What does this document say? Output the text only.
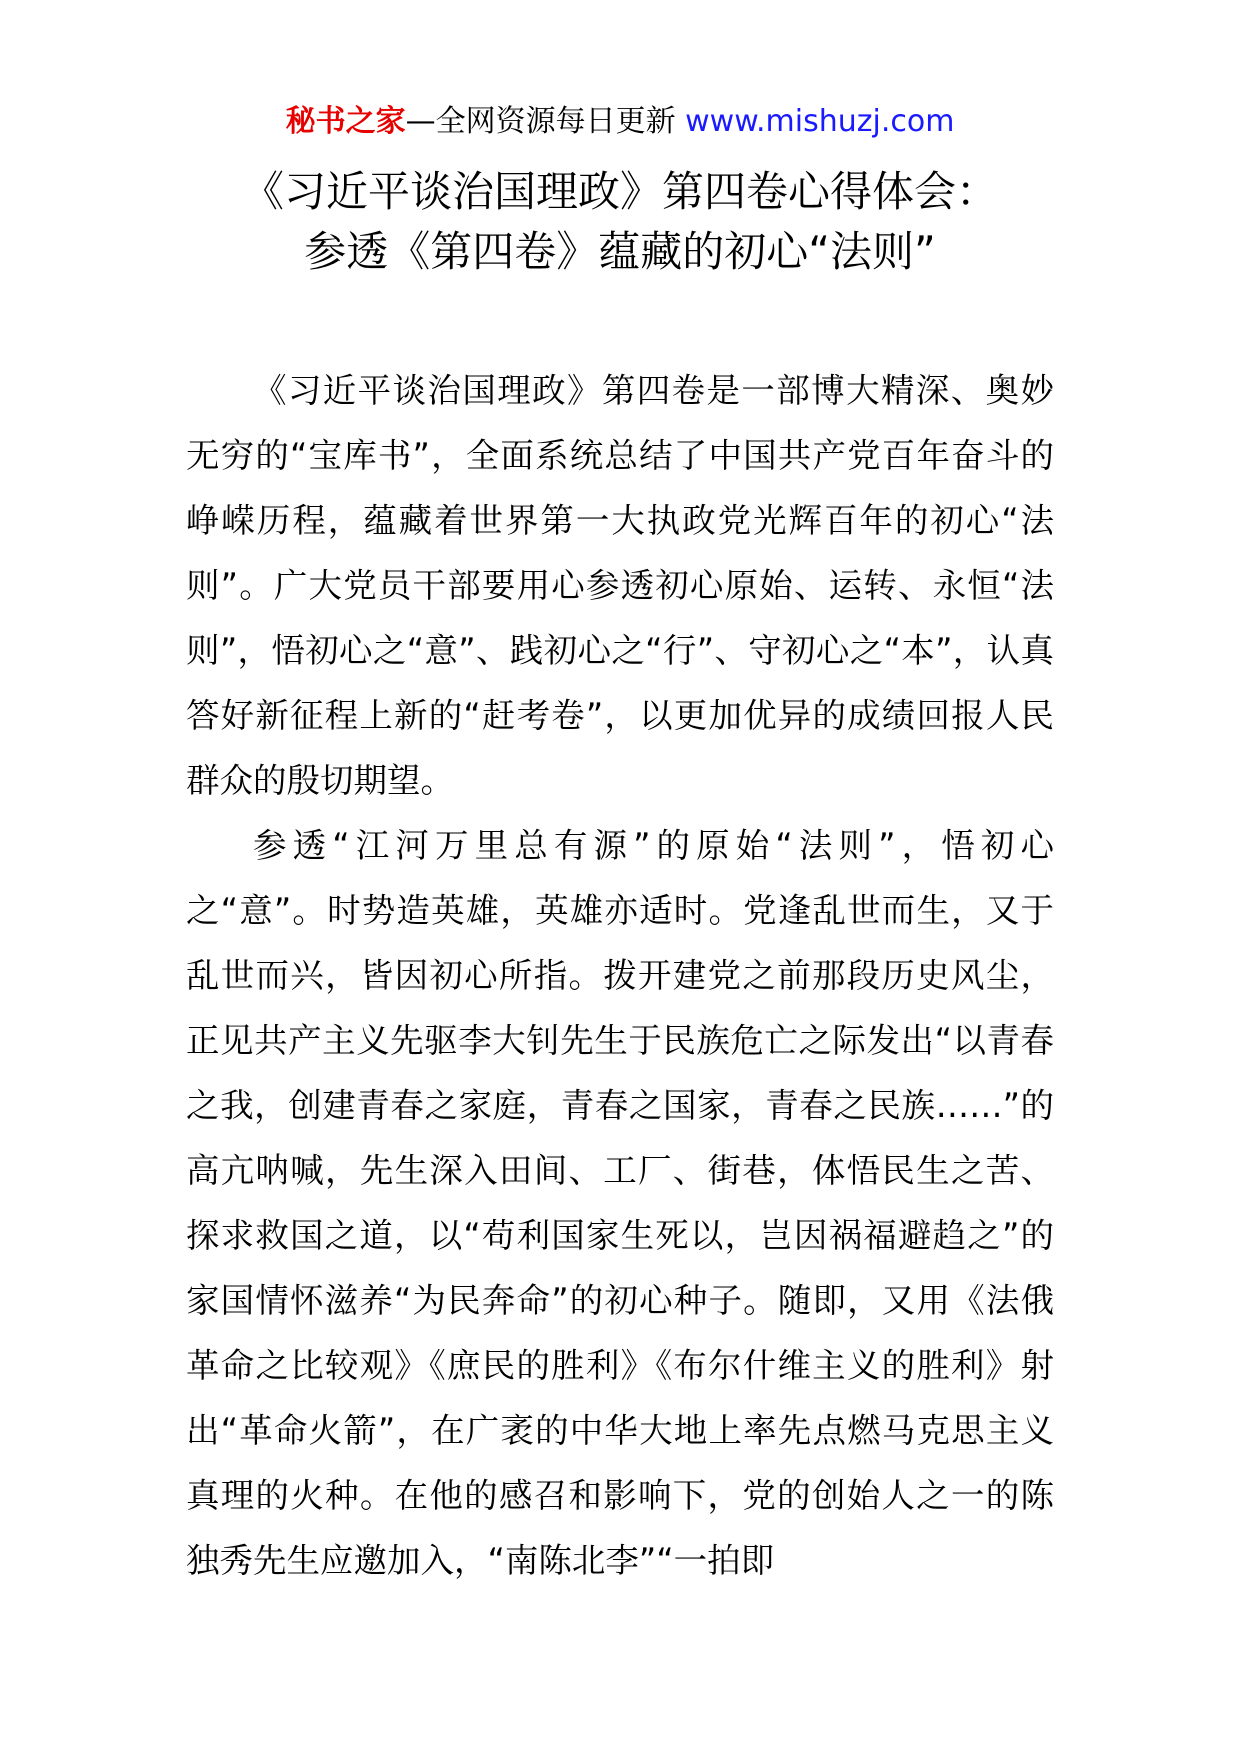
秘书之家—全网资源每日更新 www.mishuzj.com
《习近平谈治国理政》第四卷心得体会：
参透《第四卷》蕴藏的初心“法则”

《习近平谈治国理政》第四卷是一部博大精深、奥妙无穷的“宝库书”，全面系统总结了中国共产党百年奋斗的峥嵘历程，蕴藏着世界第一大执政党光辉百年的初心“法则”。广大党员干部要用心参透初心原始、运转、永恒“法则”，悟初心之“意”、践初心之“行”、守初心之“本”，认真答好新征程上新的“赶考卷”，以更加优异的成绩回报人民群众的殷切期望。

参透“江河万里总有源”的原始“法则”，悟初心之“意”。时势造英雄，英雄亦适时。党逢乱世而生，又于乱世而兴，皆因初心所指。拨开建党之前那段历史风尘，正见共产主义先驱李大钊先生于民族危亡之际发出“以青春之我，创建青春之家庭，青春之国家，青春之民族……”的高亢呐喊，先生深入田间、工厂、街巷，体悟民生之苦、探求救国之道，以“苟利国家生死以，岂因祸福避趋之”的家国情怀滋养“为民奔命”的初心种子。随即，又用《法俄革命之比较观》《庶民的胜利》《布尔什维主义的胜利》射出“革命火箭”，在广袤的中华大地上率先点燃马克思主义真理的火种。在他的感召和影响下，党的创始人之一的陈独秀先生应邀加入，“南陈北李”“一拍即
